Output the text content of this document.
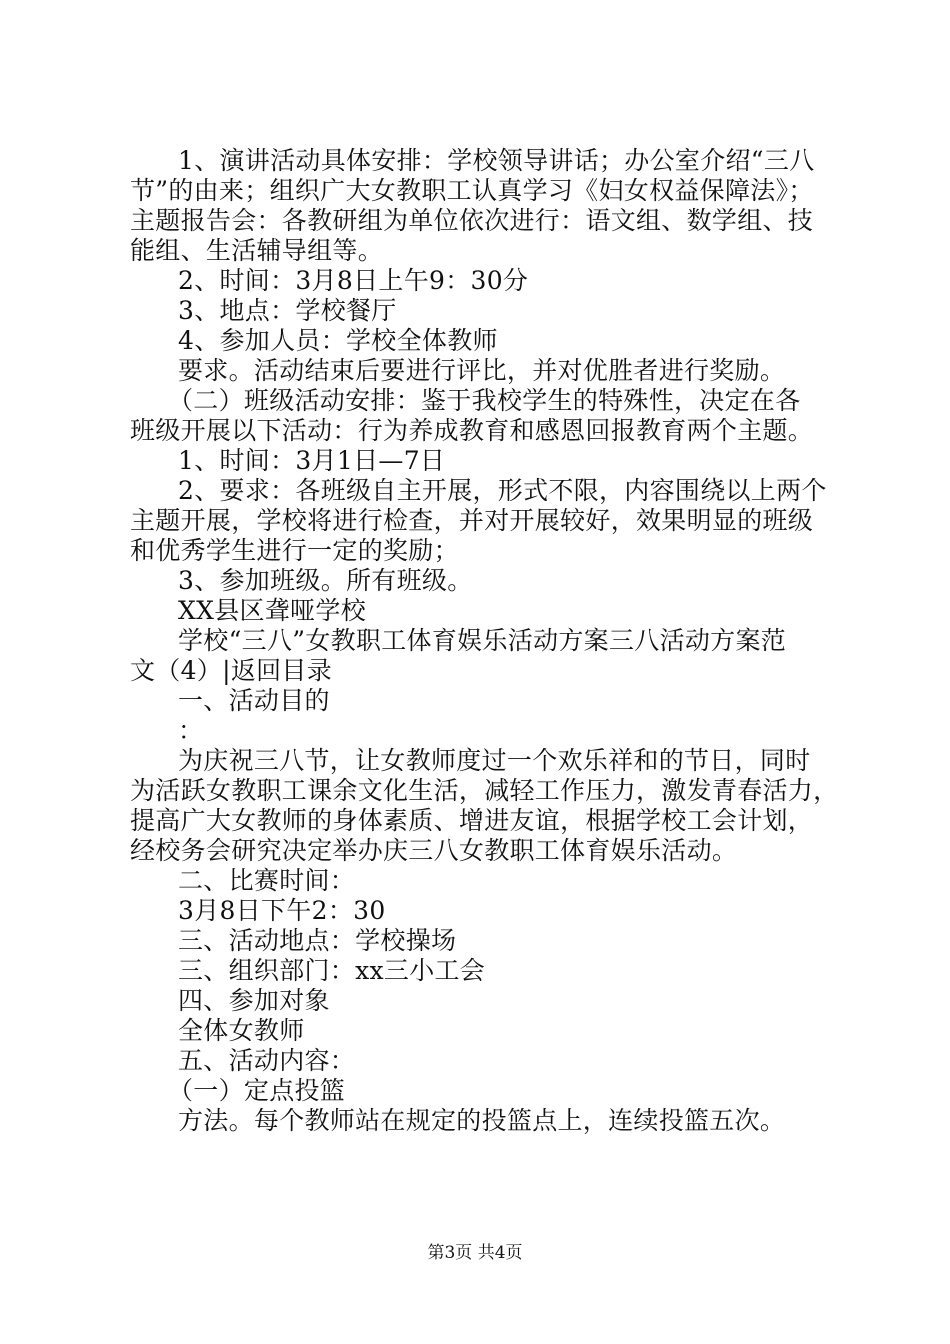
1、演讲活动具体安排：学校领导讲话；办公室介绍“三八
节”的由来；组织广大女教职工认真学习《妇女权益保障法》；
主题报告会：各教研组为单位依次进行：语文组、数学组、技
能组、生活辅导组等。
2、时间：3月8日上午9：30分
3、地点：学校餐厅
4、参加人员：学校全体教师
要求。活动结束后要进行评比，并对优胜者进行奖励。
（二）班级活动安排：鉴于我校学生的特殊性，决定在各
班级开展以下活动：行为养成教育和感恩回报教育两个主题。
1、时间：3月1日—7日
2、要求：各班级自主开展，形式不限，内容围绕以上两个
主题开展，学校将进行检查，并对开展较好，效果明显的班级
和优秀学生进行一定的奖励；
3、参加班级。所有班级。
XX县区聋哑学校
学校“三八”女教职工体育娱乐活动方案三八活动方案范
文（4）|返回目录
一、活动目的
：
为庆祝三八节，让女教师度过一个欢乐祥和的节日，同时
为活跃女教职工课余文化生活，减轻工作压力，激发青春活力，
提高广大女教师的身体素质、增进友谊，根据学校工会计划，
经校务会研究决定举办庆三八女教职工体育娱乐活动。
二、比赛时间：
3月8日下午2：30
三、活动地点：学校操场
三、组织部门：xx三小工会
四、参加对象
全体女教师
五、活动内容：
（一）定点投篮
方法。每个教师站在规定的投篮点上，连续投篮五次。
第3页 共4页
